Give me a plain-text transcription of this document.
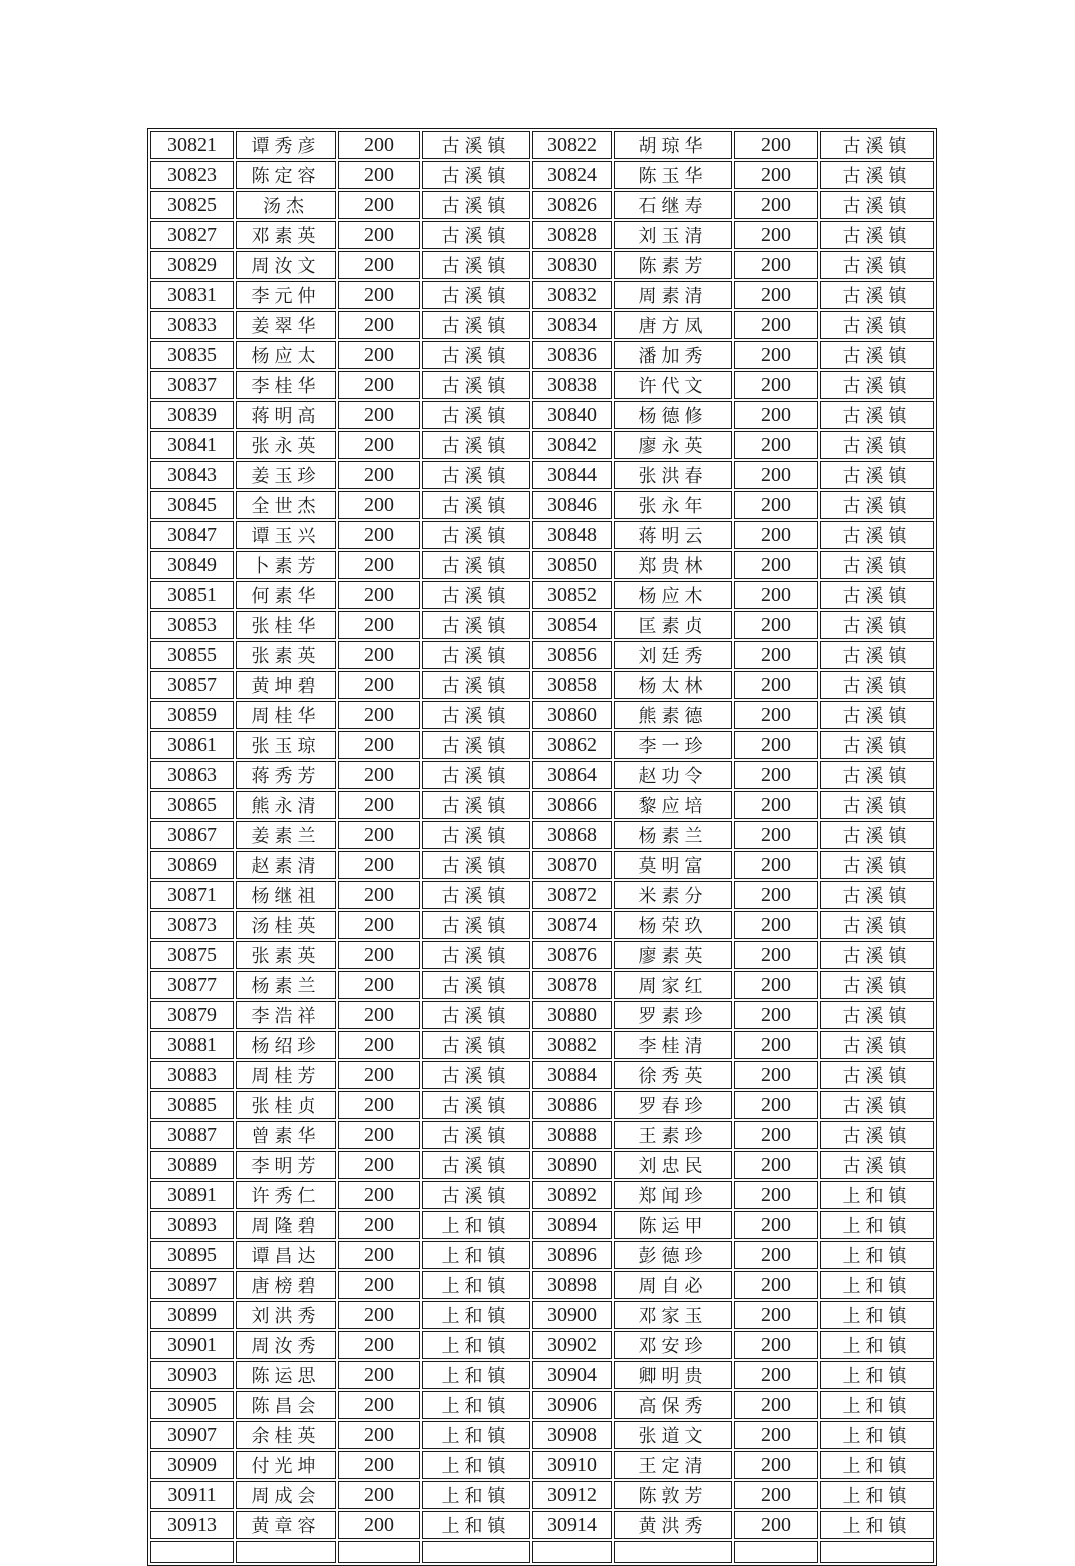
30821	谭秀彦	200	古溪镇	30822	胡琼华	200	古溪镇
30823	陈定容	200	古溪镇	30824	陈玉华	200	古溪镇
30825	汤杰	200	古溪镇	30826	石继寿	200	古溪镇
30827	邓素英	200	古溪镇	30828	刘玉清	200	古溪镇
30829	周汝文	200	古溪镇	30830	陈素芳	200	古溪镇
30831	李元仲	200	古溪镇	30832	周素清	200	古溪镇
30833	姜翠华	200	古溪镇	30834	唐方凤	200	古溪镇
30835	杨应太	200	古溪镇	30836	潘加秀	200	古溪镇
30837	李桂华	200	古溪镇	30838	许代文	200	古溪镇
30839	蒋明高	200	古溪镇	30840	杨德修	200	古溪镇
30841	张永英	200	古溪镇	30842	廖永英	200	古溪镇
30843	姜玉珍	200	古溪镇	30844	张洪春	200	古溪镇
30845	全世杰	200	古溪镇	30846	张永年	200	古溪镇
30847	谭玉兴	200	古溪镇	30848	蒋明云	200	古溪镇
30849	卜素芳	200	古溪镇	30850	郑贵林	200	古溪镇
30851	何素华	200	古溪镇	30852	杨应木	200	古溪镇
30853	张桂华	200	古溪镇	30854	匡素贞	200	古溪镇
30855	张素英	200	古溪镇	30856	刘廷秀	200	古溪镇
30857	黄坤碧	200	古溪镇	30858	杨太林	200	古溪镇
30859	周桂华	200	古溪镇	30860	熊素德	200	古溪镇
30861	张玉琼	200	古溪镇	30862	李一珍	200	古溪镇
30863	蒋秀芳	200	古溪镇	30864	赵功令	200	古溪镇
30865	熊永清	200	古溪镇	30866	黎应培	200	古溪镇
30867	姜素兰	200	古溪镇	30868	杨素兰	200	古溪镇
30869	赵素清	200	古溪镇	30870	莫明富	200	古溪镇
30871	杨继祖	200	古溪镇	30872	米素分	200	古溪镇
30873	汤桂英	200	古溪镇	30874	杨荣玖	200	古溪镇
30875	张素英	200	古溪镇	30876	廖素英	200	古溪镇
30877	杨素兰	200	古溪镇	30878	周家红	200	古溪镇
30879	李浩祥	200	古溪镇	30880	罗素珍	200	古溪镇
30881	杨绍珍	200	古溪镇	30882	李桂清	200	古溪镇
30883	周桂芳	200	古溪镇	30884	徐秀英	200	古溪镇
30885	张桂贞	200	古溪镇	30886	罗春珍	200	古溪镇
30887	曾素华	200	古溪镇	30888	王素珍	200	古溪镇
30889	李明芳	200	古溪镇	30890	刘忠民	200	古溪镇
30891	许秀仁	200	古溪镇	30892	郑闻珍	200	上和镇
30893	周隆碧	200	上和镇	30894	陈运甲	200	上和镇
30895	谭昌达	200	上和镇	30896	彭德珍	200	上和镇
30897	唐榜碧	200	上和镇	30898	周自必	200	上和镇
30899	刘洪秀	200	上和镇	30900	邓家玉	200	上和镇
30901	周汝秀	200	上和镇	30902	邓安珍	200	上和镇
30903	陈运思	200	上和镇	30904	卿明贵	200	上和镇
30905	陈昌会	200	上和镇	30906	高保秀	200	上和镇
30907	余桂英	200	上和镇	30908	张道文	200	上和镇
30909	付光坤	200	上和镇	30910	王定清	200	上和镇
30911	周成会	200	上和镇	30912	陈敦芳	200	上和镇
30913	黄章容	200	上和镇	30914	黄洪秀	200	上和镇
